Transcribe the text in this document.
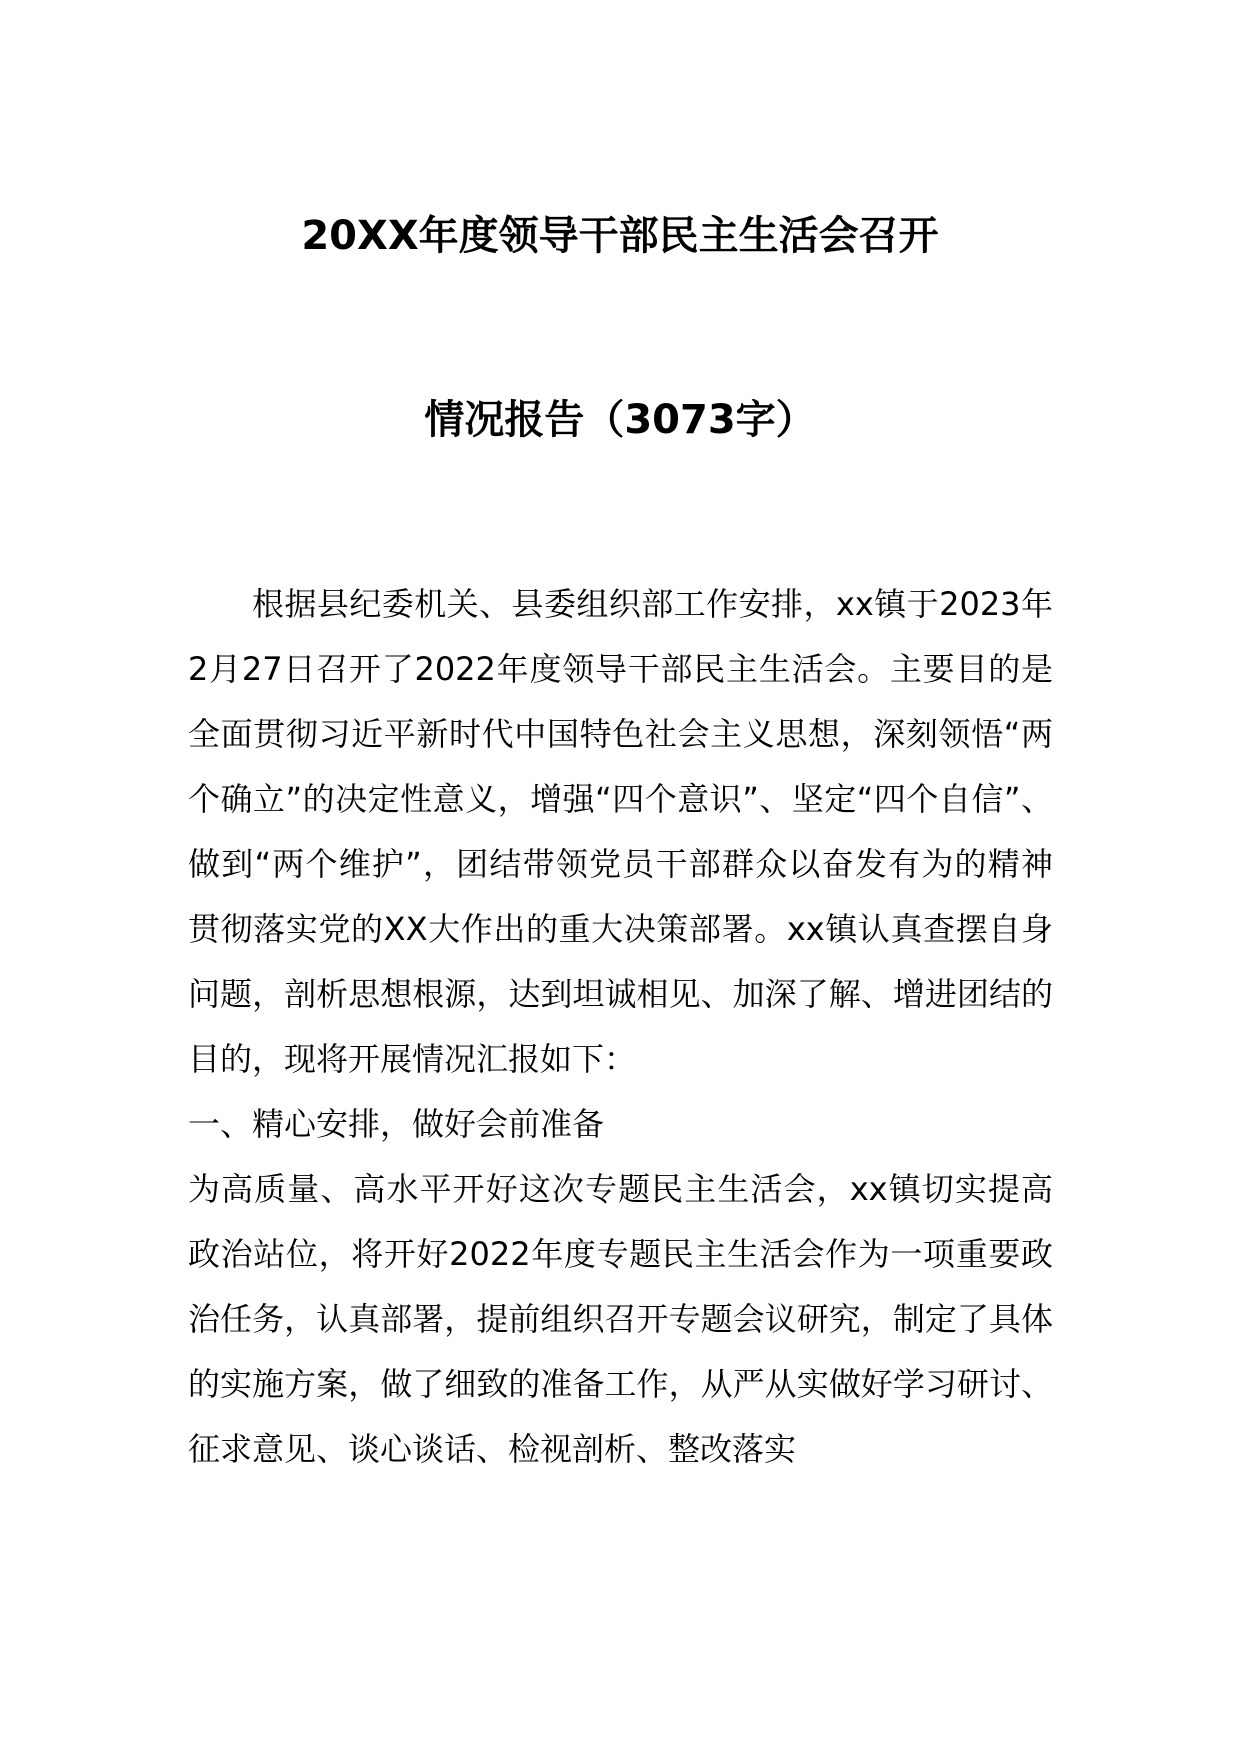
20XX年度领导干部民主生活会召开
情况报告（3073字）

根据县纪委机关、县委组织部工作安排，xx镇于2023年2月27日召开了2022年度领导干部民主生活会。主要目的是全面贯彻习近平新时代中国特色社会主义思想，深刻领悟“两个确立”的决定性意义，增强“四个意识”、坚定“四个自信”、做到“两个维护”，团结带领党员干部群众以奋发有为的精神贯彻落实党的XX大作出的重大决策部署。xx镇认真查摆自身问题，剖析思想根源，达到坦诚相见、加深了解、增进团结的目的，现将开展情况汇报如下：

一、精心安排，做好会前准备

为高质量、高水平开好这次专题民主生活会，xx镇切实提高政治站位，将开好2022年度专题民主生活会作为一项重要政治任务，认真部署，提前组织召开专题会议研究，制定了具体的实施方案，做了细致的准备工作，从严从实做好学习研讨、征求意见、谈心谈话、检视剖析、整改落实
